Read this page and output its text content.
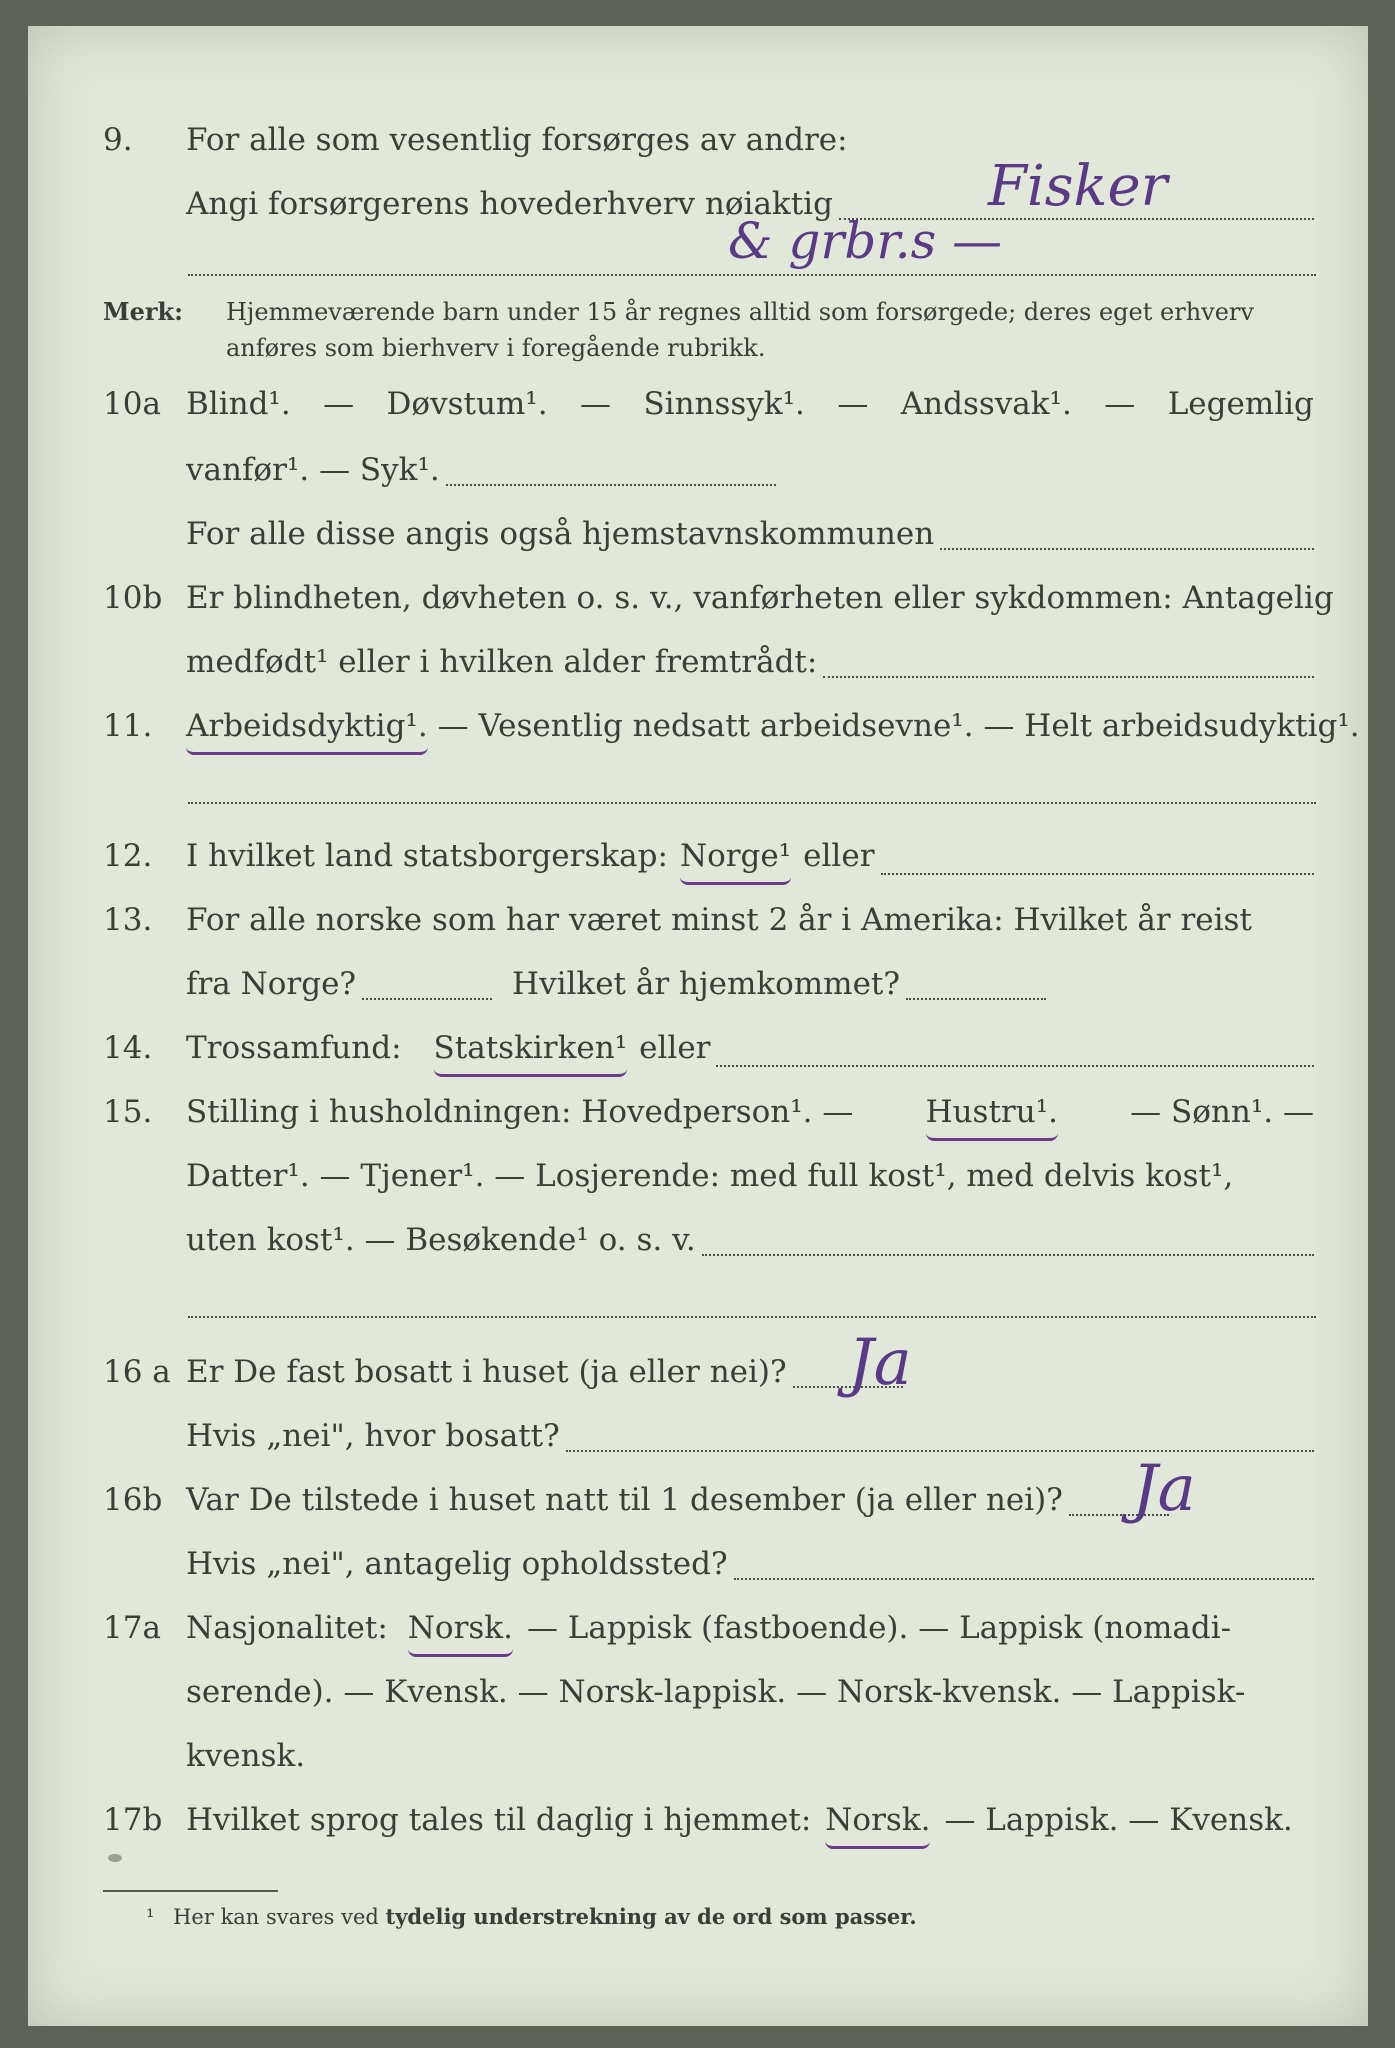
9. For alle som vesentlig forsørges av andre:
Angi forsørgerens hovederhverv nøiaktig	Fisker
& grbr.s —
Merk: Hjemmeværende barn under 15 år regnes alltid som forsørgede; deres eget erhverv
anføres som bierhverv i foregående rubrikk.
10a Blind¹. — Døvstum¹. — Sinnssyk¹. — Andssvak¹. — Legemlig
vanfør¹. — Syk¹.
For alle disse angis også hjemstavnskommunen
10b Er blindheten, døvheten o. s. v., vanførheten eller sykdommen: Antagelig
medfødt¹ eller i hvilken alder fremtrådt:
11. Arbeidsdyktig¹. — Vesentlig nedsatt arbeidsevne¹. — Helt arbeidsudyktig¹.
12. I hvilket land statsborgerskap: Norge¹ eller
13. For alle norske som har været minst 2 år i Amerika: Hvilket år reist
fra Norge?	Hvilket år hjemkommet?
14. Trossamfund: Statskirken¹ eller
15. Stilling i husholdningen: Hovedperson¹. — Hustru¹. — Sønn¹. —
Datter¹. — Tjener¹. — Losjerende: med full kost¹, med delvis kost¹,
uten kost¹. — Besøkende¹ o. s. v.
16 a Er De fast bosatt i huset (ja eller nei)? Ja
Hvis „nei", hvor bosatt?
16b Var De tilstede i huset natt til 1 desember (ja eller nei)? Ja
Hvis „nei", antagelig opholdssted?
17a Nasjonalitet: Norsk. — Lappisk (fastboende). — Lappisk (nomadi-
serende). — Kvensk. — Norsk-lappisk. — Norsk-kvensk. — Lappisk-
kvensk.
17b Hvilket sprog tales til daglig i hjemmet: Norsk. — Lappisk. — Kvensk.
¹ Her kan svares ved tydelig understrekning av de ord som passer.
